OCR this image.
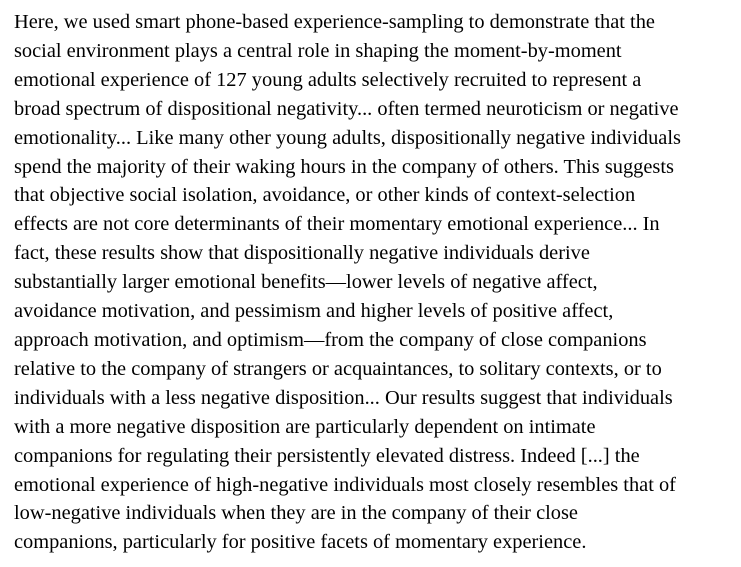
Here, we used smart phone-based experience-sampling to demonstrate that the
social environment plays a central role in shaping the moment-by-moment
emotional experience of 127 young adults selectively recruited to represent a
broad spectrum of dispositional negativity... often termed neuroticism or negative
emotionality... Like many other young adults, dispositionally negative individuals
spend the majority of their waking hours in the company of others. This suggests
that objective social isolation, avoidance, or other kinds of context-selection
effects are not core determinants of their momentary emotional experience... In
fact, these results show that dispositionally negative individuals derive
substantially larger emotional benefits—lower levels of negative affect,
avoidance motivation, and pessimism and higher levels of positive affect,
approach motivation, and optimism—from the company of close companions
relative to the company of strangers or acquaintances, to solitary contexts, or to
individuals with a less negative disposition... Our results suggest that individuals
with a more negative disposition are particularly dependent on intimate
companions for regulating their persistently elevated distress. Indeed [...] the
emotional experience of high-negative individuals most closely resembles that of
low-negative individuals when they are in the company of their close
companions, particularly for positive facets of momentary experience.
